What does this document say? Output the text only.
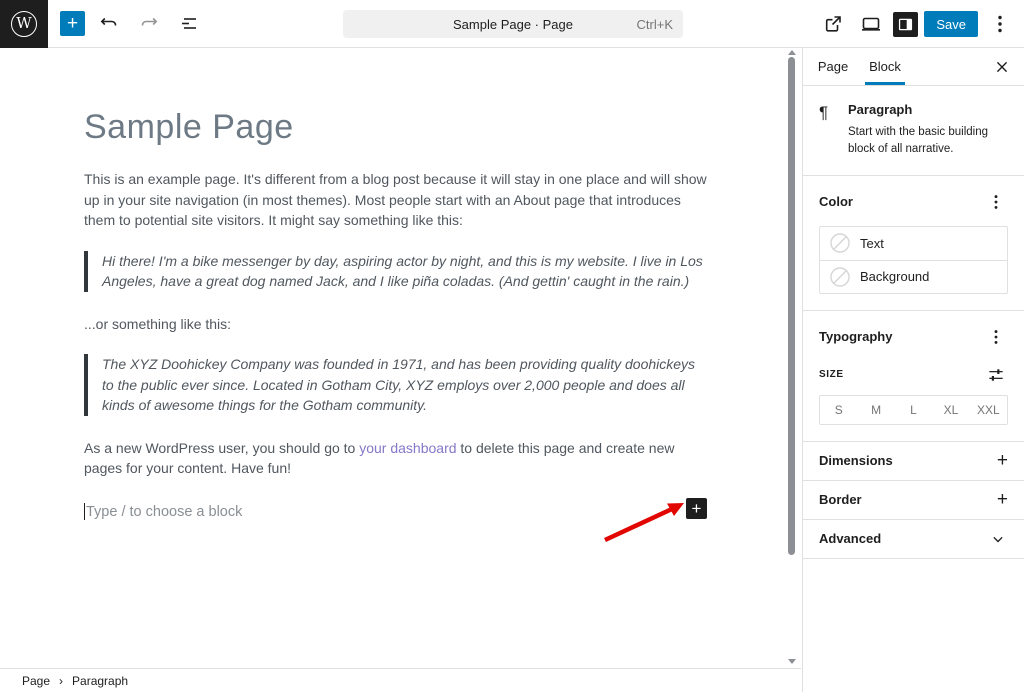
W	+	Sample Page · Page	Ctrl+K	Save
Sample Page

This is an example page. It's different from a blog post because it will stay in one place and will show up in your site navigation (in most themes). Most people start with an About page that introduces them to potential site visitors. It might say something like this:

Hi there! I'm a bike messenger by day, aspiring actor by night, and this is my website. I live in Los Angeles, have a great dog named Jack, and I like piña coladas. (And gettin' caught in the rain.)

...or something like this:

The XYZ Doohickey Company was founded in 1971, and has been providing quality doohickeys to the public ever since. Located in Gotham City, XYZ employs over 2,000 people and does all kinds of awesome things for the Gotham community.

As a new WordPress user, you should go to your dashboard to delete this page and create new pages for your content. Have fun!

Type / to choose a block	+
Page › Paragraph
Page	Block
¶	Paragraph
Start with the basic building block of all narrative.
Color
Text
Background
Typography
SIZE
S	M	L	XL	XXL
Dimensions	+
Border	+
Advanced
